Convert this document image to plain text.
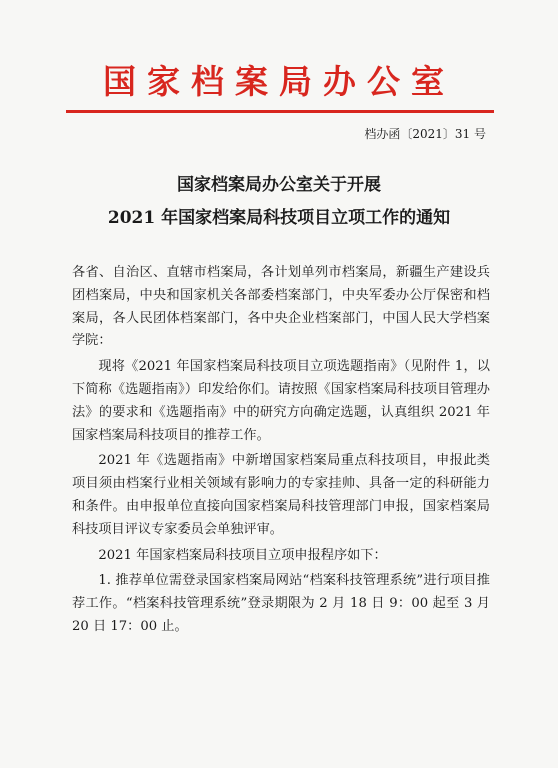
国家档案局办公室
档办函〔2021〕31 号
国家档案局办公室关于开展
2021 年国家档案局科技项目立项工作的通知

各省、自治区、直辖市档案局，各计划单列市档案局，新疆生产建设兵团档案局，中央和国家机关各部委档案部门，中央军委办公厅保密和档案局，各人民团体档案部门，各中央企业档案部门，中国人民大学档案学院：

现将《2021 年国家档案局科技项目立项选题指南》（见附件 1，以下简称《选题指南》）印发给你们。请按照《国家档案局科技项目管理办法》的要求和《选题指南》中的研究方向确定选题，认真组织 2021 年国家档案局科技项目的推荐工作。

2021 年《选题指南》中新增国家档案局重点科技项目，申报此类项目须由档案行业相关领域有影响力的专家挂帅、具备一定的科研能力和条件。由申报单位直接向国家档案局科技管理部门申报，国家档案局科技项目评议专家委员会单独评审。

2021 年国家档案局科技项目立项申报程序如下：

1. 推荐单位需登录国家档案局网站“档案科技管理系统”进行项目推荐工作。“档案科技管理系统”登录期限为 2 月 18 日 9：00 起至 3 月 20 日 17：00 止。
